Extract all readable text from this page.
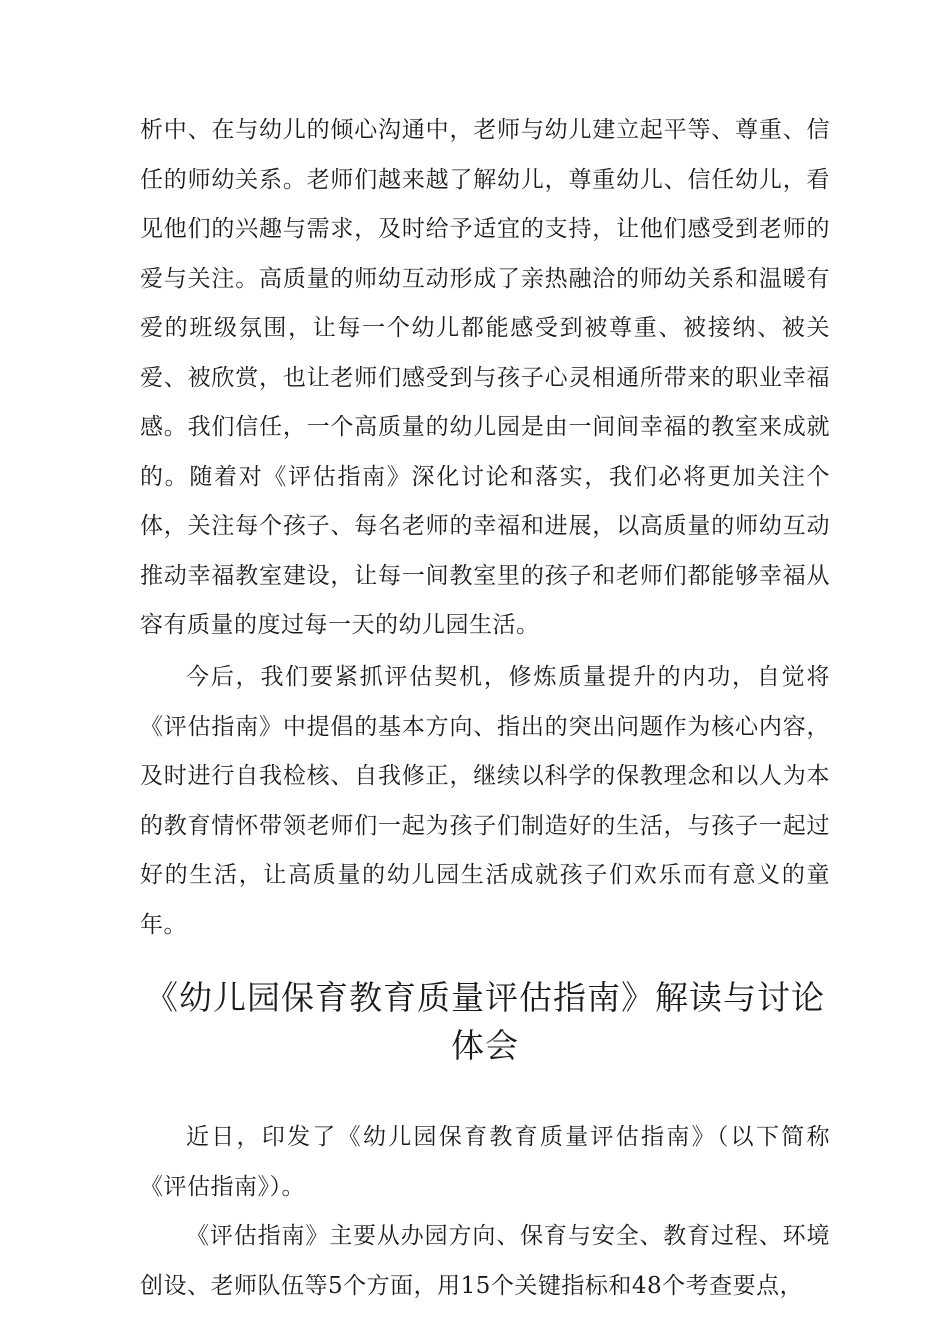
析中、在与幼儿的倾心沟通中，老师与幼儿建立起平等、尊重、信任的师幼关系。老师们越来越了解幼儿，尊重幼儿、信任幼儿，看见他们的兴趣与需求，及时给予适宜的支持，让他们感受到老师的爱与关注。高质量的师幼互动形成了亲热融洽的师幼关系和温暖有爱的班级氛围，让每一个幼儿都能感受到被尊重、被接纳、被关爱、被欣赏，也让老师们感受到与孩子心灵相通所带来的职业幸福感。我们信任，一个高质量的幼儿园是由一间间幸福的教室来成就的。随着对《评估指南》深化讨论和落实，我们必将更加关注个体，关注每个孩子、每名老师的幸福和进展，以高质量的师幼互动推动幸福教室建设，让每一间教室里的孩子和老师们都能够幸福从容有质量的度过每一天的幼儿园生活。

今后，我们要紧抓评估契机，修炼质量提升的内功，自觉将《评估指南》中提倡的基本方向、指出的突出问题作为核心内容，及时进行自我检核、自我修正，继续以科学的保教理念和以人为本的教育情怀带领老师们一起为孩子们制造好的生活，与孩子一起过好的生活，让高质量的幼儿园生活成就孩子们欢乐而有意义的童年。

《幼儿园保育教育质量评估指南》解读与讨论体会

近日，印发了《幼儿园保育教育质量评估指南》（以下简称《评估指南》）。

《评估指南》主要从办园方向、保育与安全、教育过程、环境创设、老师队伍等5个方面，用15个关键指标和48个考查要点，
